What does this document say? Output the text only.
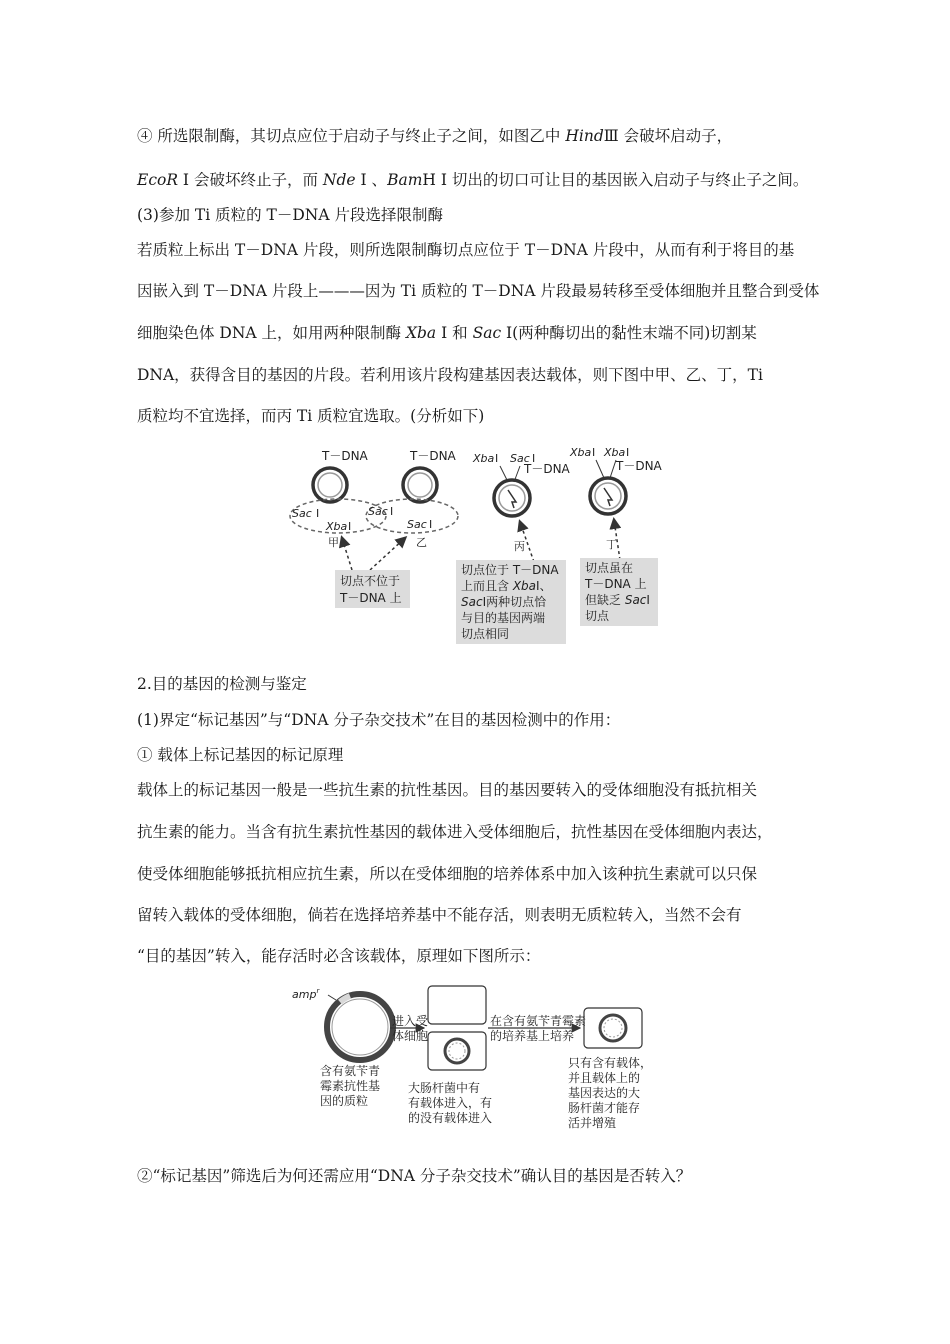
④ 所选限制酶，其切点应位于启动子与终止子之间，如图乙中 HindⅢ 会破坏启动子，
EcoR Ⅰ 会破坏终止子，而 Nde Ⅰ 、BamH Ⅰ 切出的切口可让目的基因嵌入启动子与终止子之间。
(3)参加 Ti 质粒的 T－DNA 片段选择限制酶
若质粒上标出 T－DNA 片段，则所选限制酶切点应位于 T－DNA 片段中，从而有利于将目的基
因嵌入到 T－DNA 片段上———因为 Ti 质粒的 T－DNA 片段最易转移至受体细胞并且整合到受体
细胞染色体 DNA 上，如用两种限制酶 Xba Ⅰ 和 Sac Ⅰ(两种酶切出的黏性末端不同)切割某
DNA，获得含目的基因的片段。若利用该片段构建基因表达载体，则下图中甲、乙、丁，Ti
质粒均不宜选择，而丙 Ti 质粒宜选取。(分析如下)
T－DNA
Sac Ⅰ
Xba Ⅰ
甲
T－DNA
Sac Ⅰ
Sac Ⅰ
乙
切点不位于
T－DNA 上
Xba Ⅰ Sac Ⅰ
T－DNA
丙
切点位于 T－DNA
上而且含 XbaⅠ、
SacⅠ两种切点恰
与目的基因两端
切点相同
Xba Ⅰ Xba Ⅰ
T－DNA
丁
切点虽在
T－DNA 上
但缺乏 SacⅠ
切点
2.目的基因的检测与鉴定
(1)界定“标记基因”与“DNA 分子杂交技术”在目的基因检测中的作用：
① 载体上标记基因的标记原理
载体上的标记基因一般是一些抗生素的抗性基因。目的基因要转入的受体细胞没有抵抗相关
抗生素的能力。当含有抗生素抗性基因的载体进入受体细胞后，抗性基因在受体细胞内表达，
使受体细胞能够抵抗相应抗生素，所以在受体细胞的培养体系中加入该种抗生素就可以只保
留转入载体的受体细胞，倘若在选择培养基中不能存活，则表明无质粒转入，当然不会有
“目的基因”转入，能存活时必含该载体，原理如下图所示：
amp$^r$
含有氨苄青
霉素抗性基
因的质粒
进入受
体细胞
大肠杆菌中有
有载体进入，有
的没有载体进入
在含有氨苄青霉素
的培养基上培养
只有含有载体，
并且载体上的
基因表达的大
肠杆菌才能存
活并增殖
②“标记基因”筛选后为何还需应用“DNA 分子杂交技术”确认目的基因是否转入？
